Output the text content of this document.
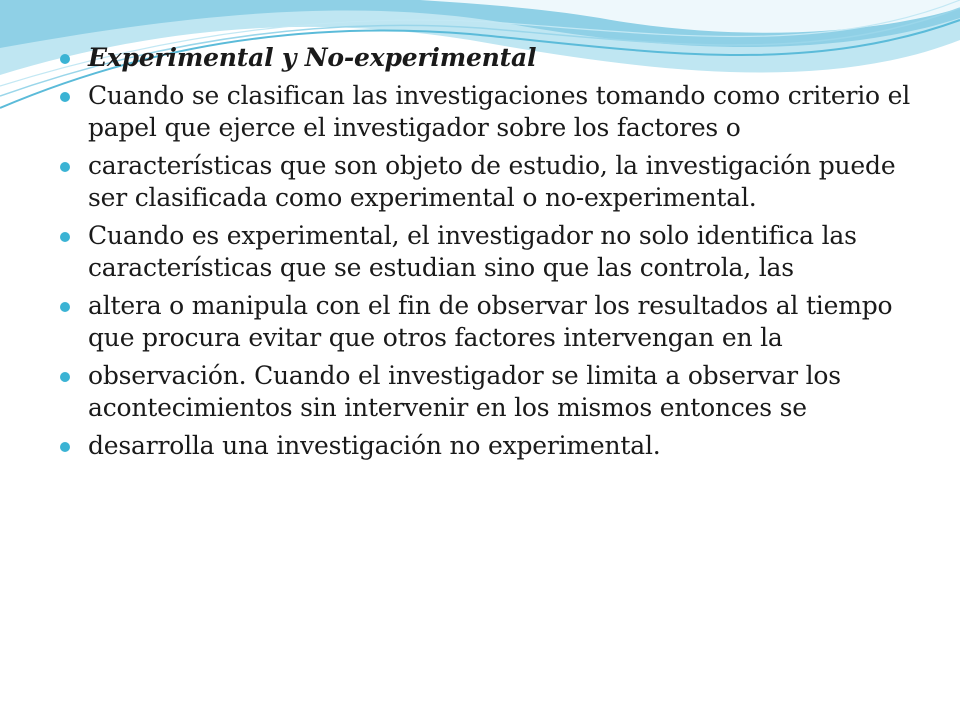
Experimental y No-experimental
Cuando se clasifican las investigaciones tomando como criterio el papel que ejerce el investigador sobre los factores o
características que son objeto de estudio, la investigación puede ser clasificada como experimental o no-experimental.
Cuando es experimental, el investigador no solo identifica las características que se estudian sino que las controla, las
altera o manipula con el fin de observar los resultados al tiempo que procura evitar que otros factores intervengan en la
observación. Cuando el investigador se limita a observar los acontecimientos sin intervenir en los mismos entonces se
desarrolla una investigación no experimental.
